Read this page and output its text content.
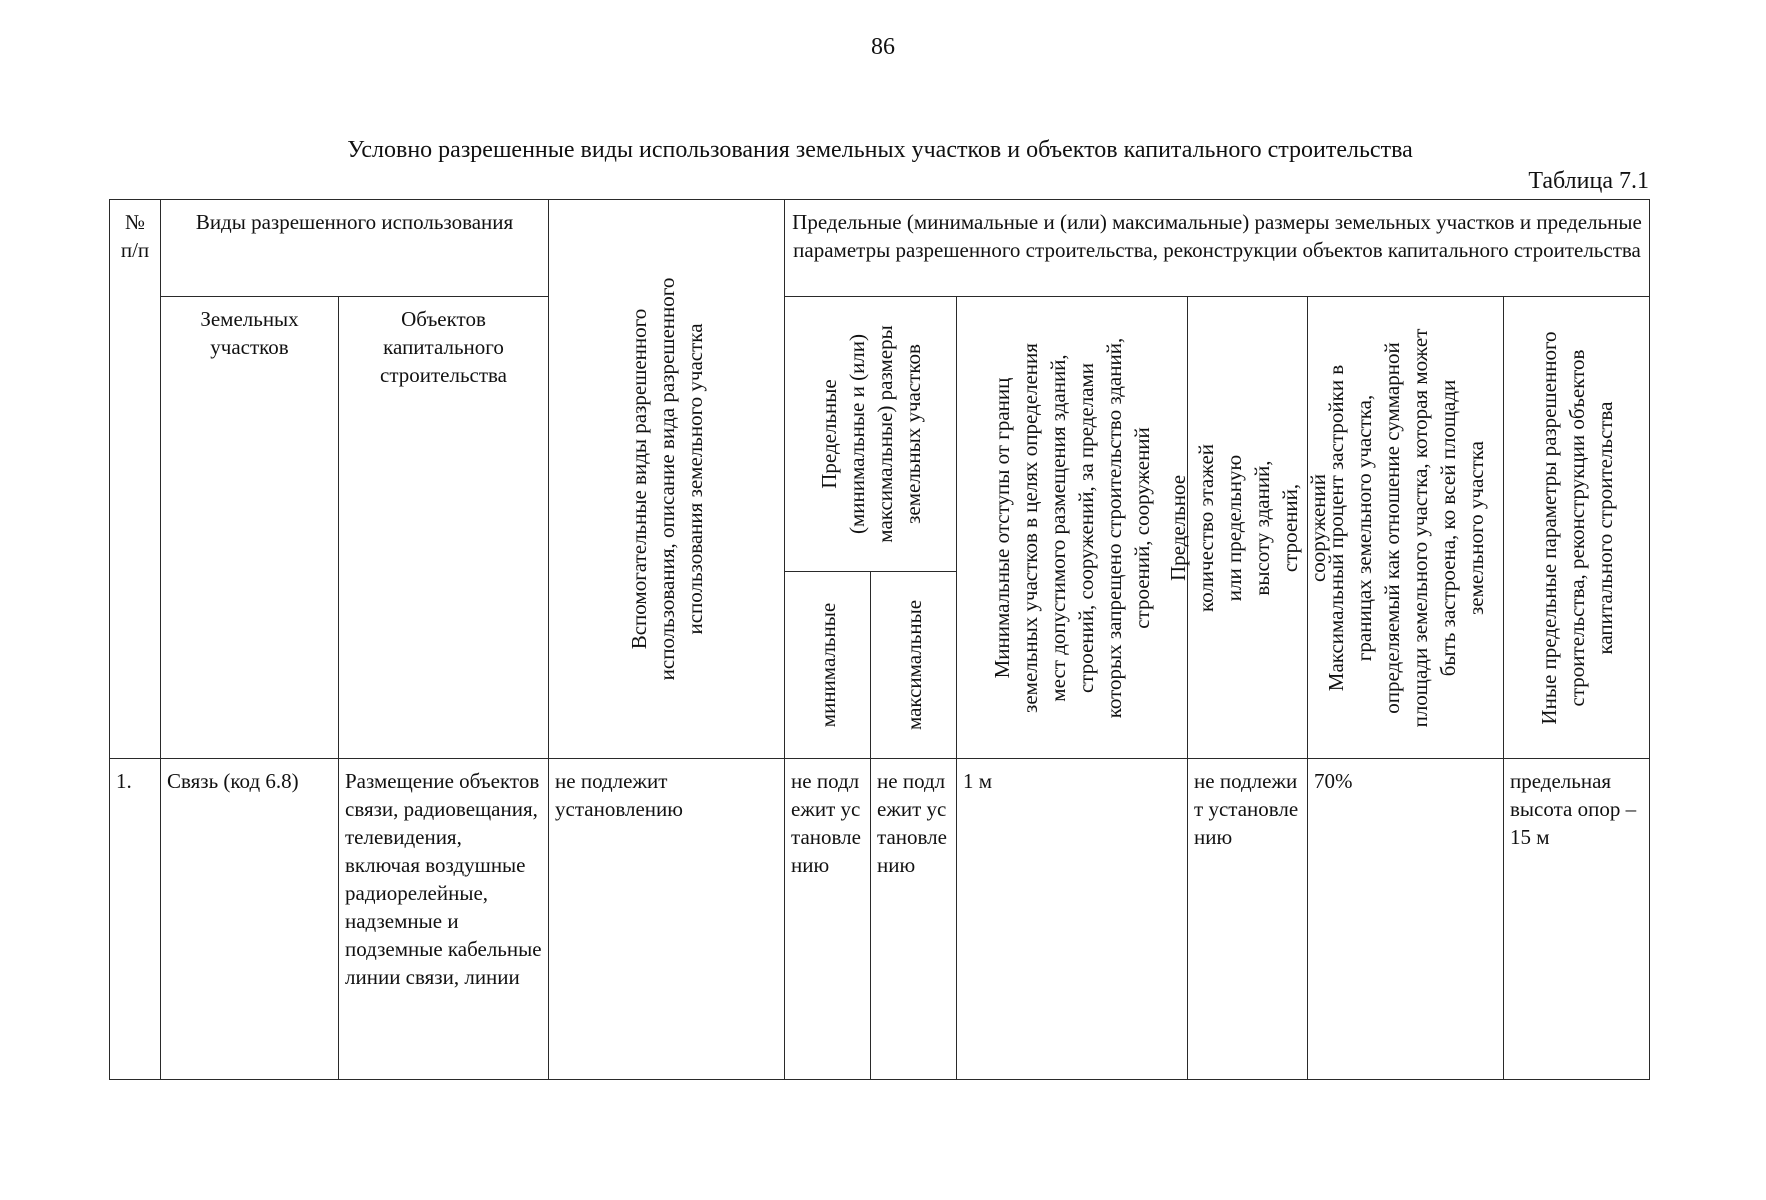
86
Условно разрешенные виды использования земельных участков и объектов капитального строительства
Таблица 7.1
№ п/п	Виды разрешенного использования		Вспомогательные виды разрешенного использования, описание вида разрешенного использования земельного участка	Предельные (минимальные и (или) максимальные) размеры земельных участков и предельные параметры разрешенного строительства, реконструкции объектов капитального строительства					
	Земельных участков	Объектов капитального строительства		Предельные (минимальные и (или) максимальные) размеры земельных участков		Минимальные отступы от границ земельных участков в целях определения мест допустимого размещения зданий, строений, сооружений, за пределами которых запрещено строительство зданий, строений, сооружений	Предельное количество этажей или предельную высоту зданий, строений, сооружений	Максимальный процент застройки в границах земельного участка, определяемый как отношение суммарной площади земельного участка, которая может быть застроена, ко всей площади земельного участка	Иные предельные параметры разрешенного строительства, реконструкции объектов капитального строительства

				минимальные	максимальные				

1.	Связь (код 6.8)	Размещение объектов связи, радиовещания, телевидения, включая воздушные радиорелейные, надземные и подземные кабельные линии связи, линии	не подлежит установлению	не подлежит установлению	не подлежит установлению	1 м	не подлежит установлению	70%	предельная высота опор – 15 м
